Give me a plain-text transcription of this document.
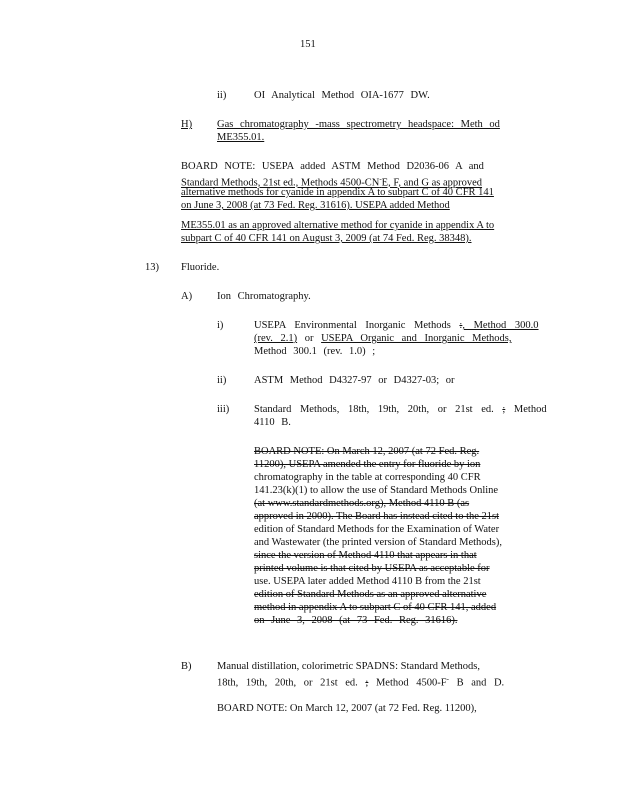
151
ii)	OI Analytical Method OIA-1677 DW.
H) Gas chromatography -mass spectrometry headspace: Meth od
ME355.01.
BOARD NOTE: USEPA added ASTM Method D2036-06 A and
Standard Methods, 21st ed., Methods 4500-CN-E, F, and G as approved
alternative methods for cyanide in appendix A to subpart C of 40 CFR 141
on June 3, 2008 (at 73 Fed. Reg. 31616). USEPA added Method
ME355.01 as an approved alternative method for cyanide in appendix A to
subpart C of 40 CFR 141 on August 3, 2009 (at 74 Fed. Reg. 38348).
13) Fluoride.
A) Ion Chromatography.
i)	USEPA Environmental Inorganic Methods :, Method 300.0
(rev. 2.1) or USEPA Organic and Inorganic Methods,
Method 300.1 (rev. 1.0) ;
ii)	ASTM Method D4327-97 or D4327-03; or
iii) Standard Methods, 18th, 19th, 20th, or 21st ed. ; Method
4110 B.
BOARD NOTE: On March 12, 2007 (at 72 Fed. Reg.
11200), USEPA amended the entry for fluoride by ion
chromatography in the table at corresponding 40 CFR
141.23(k)(1) to allow the use of Standard Methods Online
(at www.standardmethods.org), Method 4110 B (as
approved in 2000). The Board has instead cited to the 21st
edition of Standard Methods for the Examination of Water
and Wastewater (the printed version of Standard Methods),
since the version of Method 4110 that appears in that
printed volume is that cited by USEPA as acceptable for
use. USEPA later added Method 4110 B from the 21st
edition of Standard Methods as an approved alternative
method in appendix A to subpart C of 40 CFR 141, added
on June 3, 2008 (at 73 Fed. Reg. 31616).
B) Manual distillation, colorimetric SPADNS: Standard Methods,
18th, 19th, 20th, or 21st ed. ; Method 4500-F- B and D.
BOARD NOTE: On March 12, 2007 (at 72 Fed. Reg. 11200),
